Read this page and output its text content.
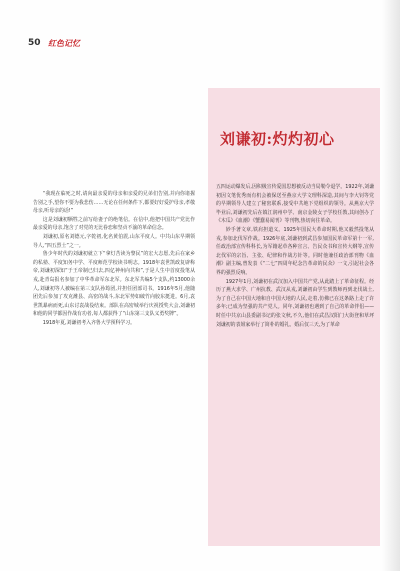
50 红色记忆
刘谦初:灼灼初心

“我现在临死之时,请向最亲爱的母亲和亲爱的兄弟们告别,并向你诸握告别之手,望你不要为我悲伤……无论在任何条件下,都要好好爱护母亲,孝敬母亲,听母亲的话!”

这是刘谦初牺牲之前写给妻子的绝笔信。在信中,他把中国共产党比作最亲爱的母亲,饱含了对党的无比眷恋和坚贞不渝的革命信念。

刘谦初,原名刘德元,字乾初,化名黄伯震,山东平度人。中共山东早期领导人,“四五烈士”之一。

鲁少年时代的刘谦初就立下“拿灯苦读为黎民”的宏大志愿,先后在家乡的私塾、平度知务中学、平度师范学校读书明志。1918年袁世凯政复辟称帝,刘谦初深知“于王帝制已归去,四亿神州向共和”,于是人生中首度投笔从戎,赴青岛报名参加了中华革命军东北军。东北军共编5个支队,约13000余人,刘谦初等人被编在第三支队孙筠团,并担任团部司书。1916年5月,他随团先后参加了攻克潍县、高密的战斗,东北军势如破竹向胶东挺进。6月,袁世凯暴病而死,山东讨袁战役结束。部队在高密城举行庆祝授奖大会,刘谦初和他的同学都因作战有功者,每人都获得了“山东第三支队义勇奖牌”。

1918年夏,刘谦初考入齐鲁大学预科学习。

五四运动爆发后,因积极宣传爱国思想被反动当局勒令退学。1922年,刘谦初因文笔优秀而有机会被保送至燕京大学文理科深造,其间与李大钊等党的早期领导人建立了秘密联系,接受中共地下党组织的领导。从燕京大学毕业后,刘谦初先后在镇江润州中学、南京金陵女子学校任教,其间创办了《木瓜》《血潮》《蟹蠢易闻刊》等刊物,热切向往革命。

妙手著文章,铁肩担道义。1925年国民大革命时期,他又毅然投笔从戎,参加北伐军作战。1926年底,刘谦初到武昌参加国民革命军第十一军,任政治部宣传科科长,为军籍起草各种宣言、告民众书和宣传大纲等,宣传北伐军的宗旨、主张、纪律和作战方针等。同时他兼任政治部刊物《血潮》副主编,曾发表《“二七”四周年纪念告革命的民众》一文,引起社会各界的强烈反响。

1927年1月,刘谦初在武汉加入中国共产党,从此踏上了革命征程。经历了燕大求学、广州抗教、武汉从戎,刘谦初由学生到教师再到北伐战士,为了自己在中国大地和自中国大地的人民,走着,仿佛已在这条路上走了许多年;已成为坚强的共产党人。同年,刘谦初也遇到了自己的革命伴侣——时任中共京山县委副书记的张文秋,不久,他们在武昌汉阳门大街登和草坪刘谦初的表姐家举行了简朴的婚礼。婚后仅三天,为了革命
